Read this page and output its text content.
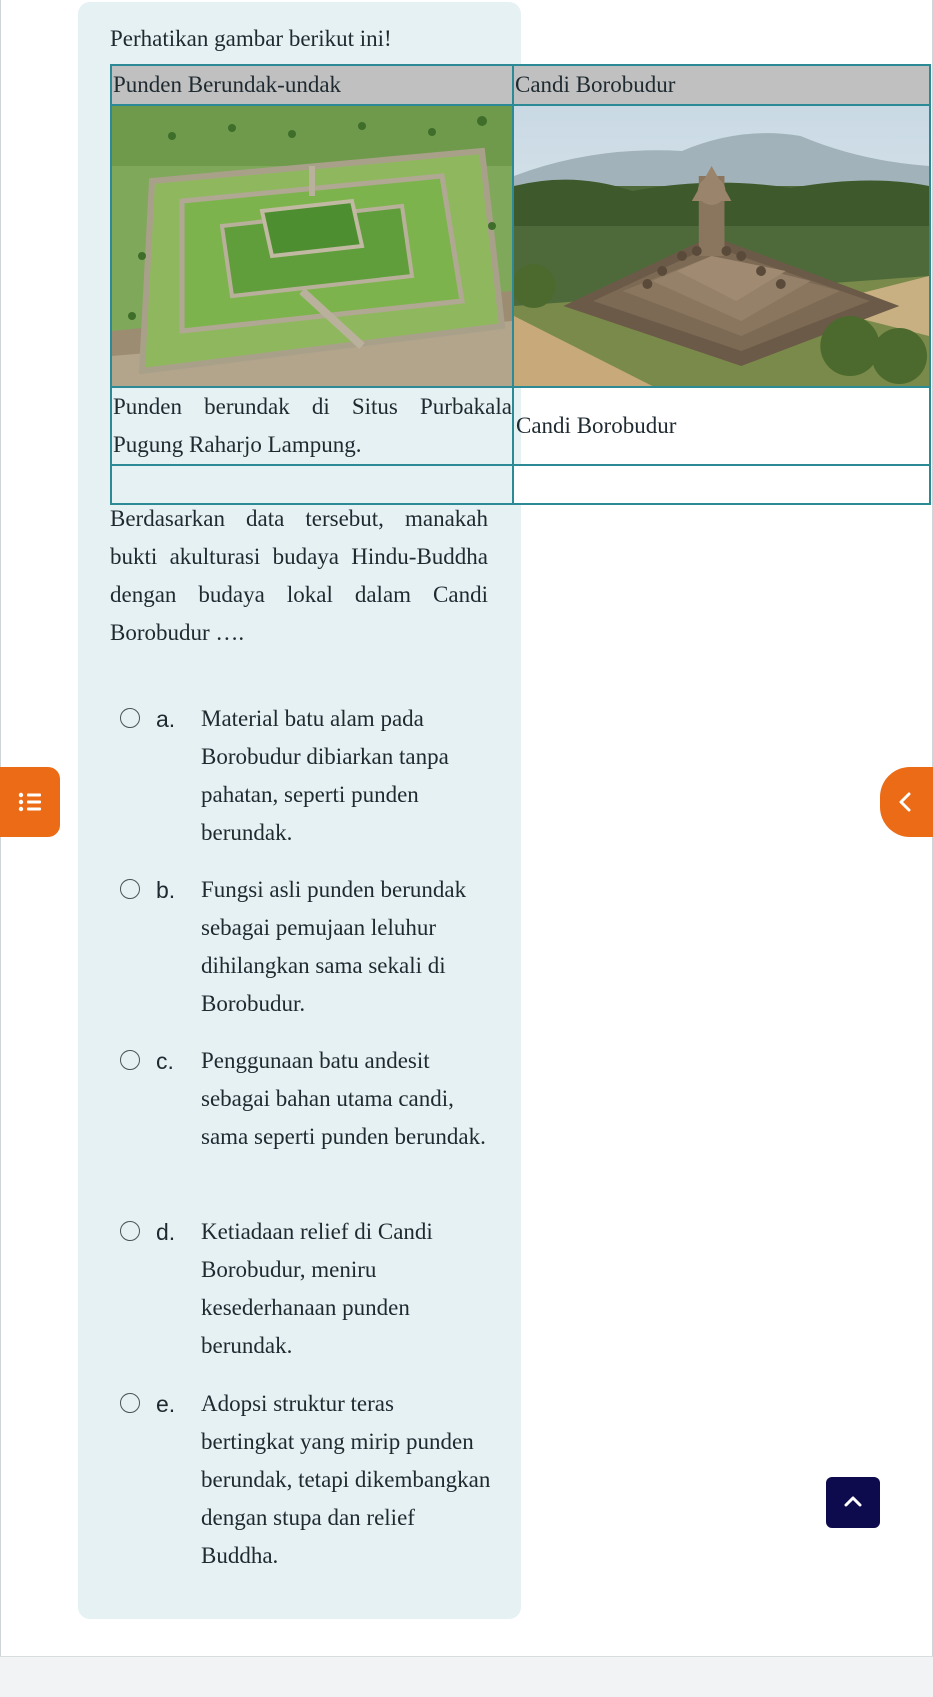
Perhatikan gambar berikut ini!
Punden Berundak-undak	Candi Borobudur

Punden berundak di Situs Purbakala Pugung Raharjo Lampung.	Candi Borobudur

Berdasarkan data tersebut, manakah bukti akulturasi budaya Hindu-Buddha dengan budaya lokal dalam Candi Borobudur ….
a. Material batu alam pada Borobudur dibiarkan tanpa pahatan, seperti punden berundak.
b. Fungsi asli punden berundak sebagai pemujaan leluhur dihilangkan sama sekali di Borobudur.
c. Penggunaan batu andesit sebagai bahan utama candi, sama seperti punden berundak.
d. Ketiadaan relief di Candi Borobudur, meniru kesederhanaan punden berundak.
e. Adopsi struktur teras bertingkat yang mirip punden berundak, tetapi dikembangkan dengan stupa dan relief Buddha.
